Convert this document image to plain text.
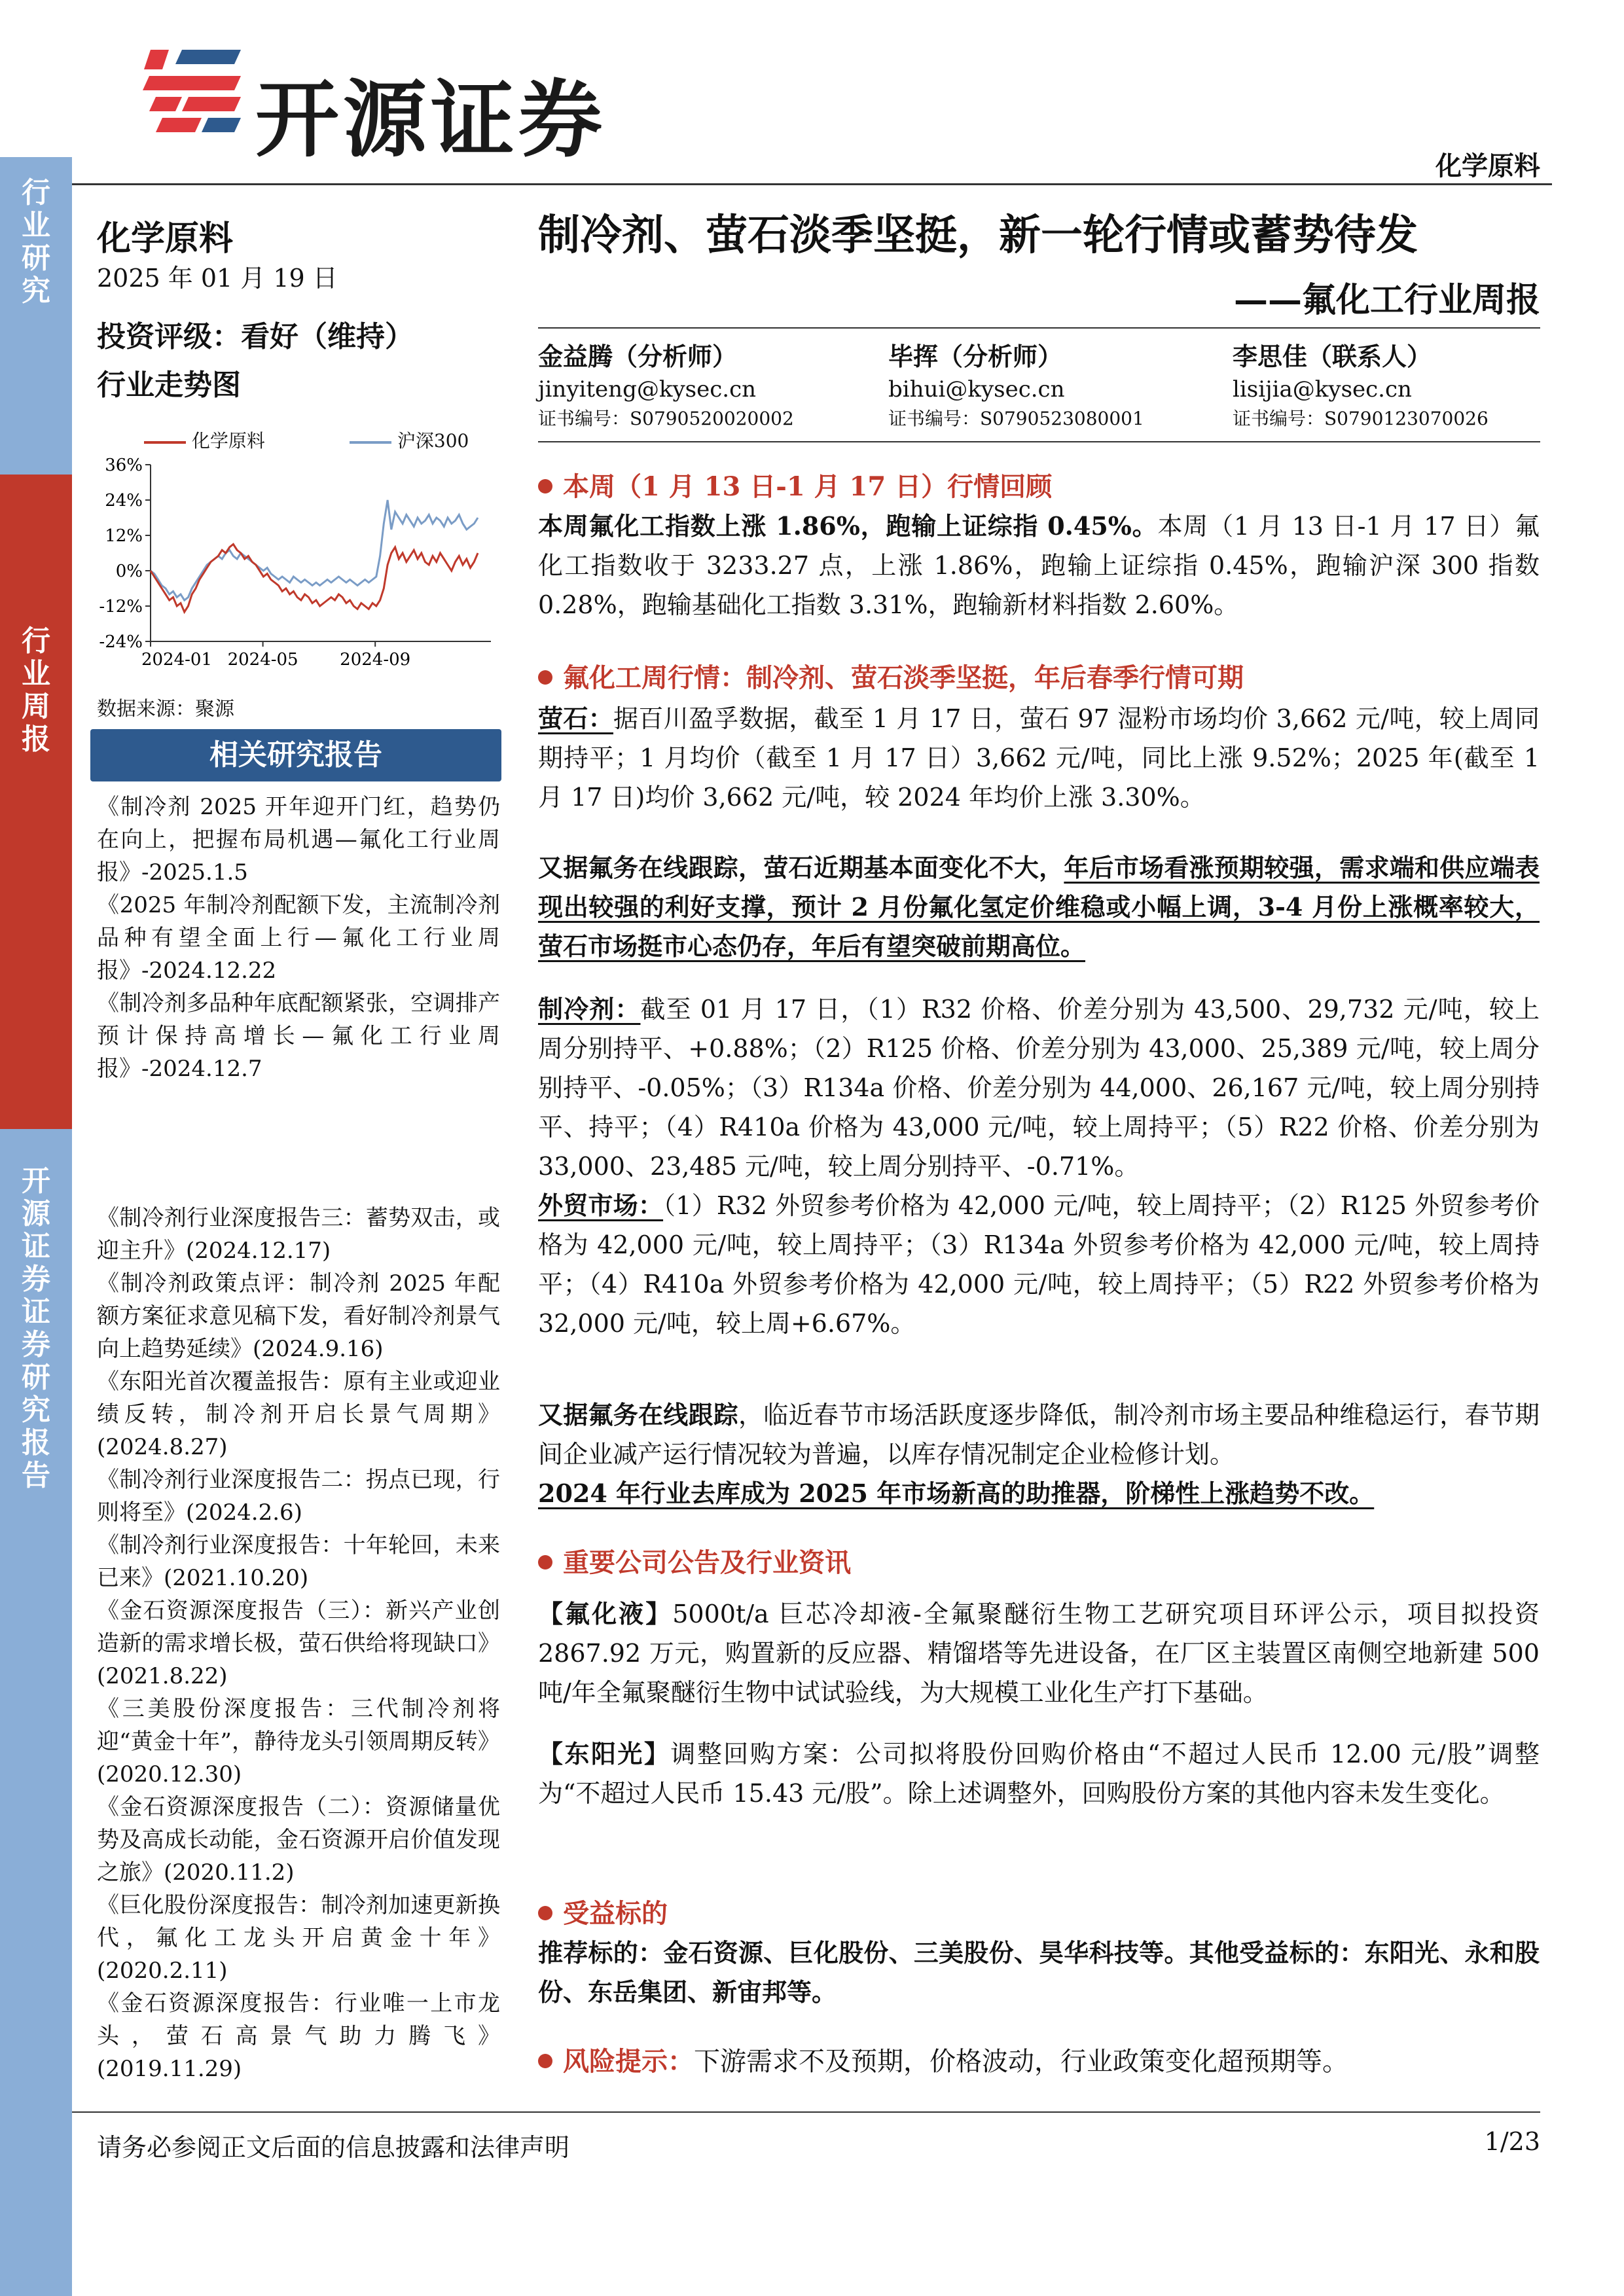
行业研究
行业周报
开源证券证券研究报告
开源证券	化学原料
化学原料
2025 年 01 月 19 日
投资评级：看好（维持）
行业走势图
化学原料	沪深300
36%
24%
12%
0%
-12%
-24%
2024-01 2024-05 2024-09
数据来源：聚源
相关研究报告

《制冷剂 2025 开年迎开门红，趋势仍在向上，把握布局机遇—氟化工行业周报》-2025.1.5

《2025 年制冷剂配额下发，主流制冷剂品种有望全面上行—氟化工行业周报》-2024.12.22

《制冷剂多品种年底配额紧张，空调排产预计保持高增长—氟化工行业周报》-2024.12.7

《制冷剂行业深度报告三：蓄势双击，或迎主升》(2024.12.17)

《制冷剂政策点评：制冷剂 2025 年配额方案征求意见稿下发，看好制冷剂景气向上趋势延续》(2024.9.16)

《东阳光首次覆盖报告：原有主业或迎业绩反转，制冷剂开启长景气周期》(2024.8.27)

《制冷剂行业深度报告二：拐点已现，行则将至》(2024.2.6)

《制冷剂行业深度报告：十年轮回，未来已来》(2021.10.20)

《金石资源深度报告（三）：新兴产业创造新的需求增长极，萤石供给将现缺口》(2021.8.22)

《三美股份深度报告：三代制冷剂将迎“黄金十年”，静待龙头引领周期反转》(2020.12.30)

《金石资源深度报告（二）：资源储量优势及高成长动能，金石资源开启价值发现之旅》(2020.11.2)

《巨化股份深度报告：制冷剂加速更新换代，氟化工龙头开启黄金十年》(2020.2.11)

《金石资源深度报告：行业唯一上市龙头，萤石高景气助力腾飞》(2019.11.29)

制冷剂、萤石淡季坚挺，新一轮行情或蓄势待发
——氟化工行业周报
金益腾（分析师）
jinyiteng@kysec.cn
证书编号：S0790520020002
毕挥（分析师）
bihui@kysec.cn
证书编号：S0790523080001
李思佳（联系人）
lisijia@kysec.cn
证书编号：S0790123070026
本周（1 月 13 日-1 月 17 日）行情回顾
本周氟化工指数上涨 1.86%，跑输上证综指 0.45%。本周（1 月 13 日-1 月 17 日）氟化工指数收于 3233.27 点，上涨 1.86%，跑输上证综指 0.45%，跑输沪深 300 指数 0.28%，跑输基础化工指数 3.31%，跑输新材料指数 2.60%。
氟化工周行情：制冷剂、萤石淡季坚挺，年后春季行情可期
萤石：据百川盈孚数据，截至 1 月 17 日，萤石 97 湿粉市场均价 3,662 元/吨，较上周同期持平；1 月均价（截至 1 月 17 日）3,662 元/吨，同比上涨 9.52%；2025 年(截至 1 月 17 日)均价 3,662 元/吨，较 2024 年均价上涨 3.30%。
又据氟务在线跟踪，萤石近期基本面变化不大，年后市场看涨预期较强，需求端和供应端表现出较强的利好支撑，预计 2 月份氟化氢定价维稳或小幅上调，3-4 月份上涨概率较大，萤石市场挺市心态仍存，年后有望突破前期高位。
制冷剂：截至 01 月 17 日，（1）R32 价格、价差分别为 43,500、29,732 元/吨，较上周分别持平、+0.88%；（2）R125 价格、价差分别为 43,000、25,389 元/吨，较上周分别持平、-0.05%；（3）R134a 价格、价差分别为 44,000、26,167 元/吨，较上周分别持平、持平；（4）R410a 价格为 43,000 元/吨，较上周持平；（5）R22 价格、价差分别为 33,000、23,485 元/吨，较上周分别持平、-0.71%。
外贸市场：（1）R32 外贸参考价格为 42,000 元/吨，较上周持平；（2）R125 外贸参考价格为 42,000 元/吨，较上周持平；（3）R134a 外贸参考价格为 42,000 元/吨，较上周持平；（4）R410a 外贸参考价格为 42,000 元/吨，较上周持平；（5）R22 外贸参考价格为 32,000 元/吨，较上周+6.67%。
又据氟务在线跟踪，临近春节市场活跃度逐步降低，制冷剂市场主要品种维稳运行，春节期间企业减产运行情况较为普遍，以库存情况制定企业检修计划。
2024 年行业去库成为 2025 年市场新高的助推器，阶梯性上涨趋势不改。
重要公司公告及行业资讯
【氟化液】5000t/a 巨芯冷却液-全氟聚醚衍生物工艺研究项目环评公示，项目拟投资 2867.92 万元，购置新的反应器、精馏塔等先进设备，在厂区主装置区南侧空地新建 500 吨/年全氟聚醚衍生物中试试验线，为大规模工业化生产打下基础。
【东阳光】调整回购方案：公司拟将股份回购价格由“不超过人民币 12.00 元/股”调整为“不超过人民币 15.43 元/股”。除上述调整外，回购股份方案的其他内容未发生变化。
受益标的
推荐标的：金石资源、巨化股份、三美股份、昊华科技等。其他受益标的：东阳光、永和股份、东岳集团、新宙邦等。
风险提示：下游需求不及预期，价格波动，行业政策变化超预期等。
请务必参阅正文后面的信息披露和法律声明	1/23
